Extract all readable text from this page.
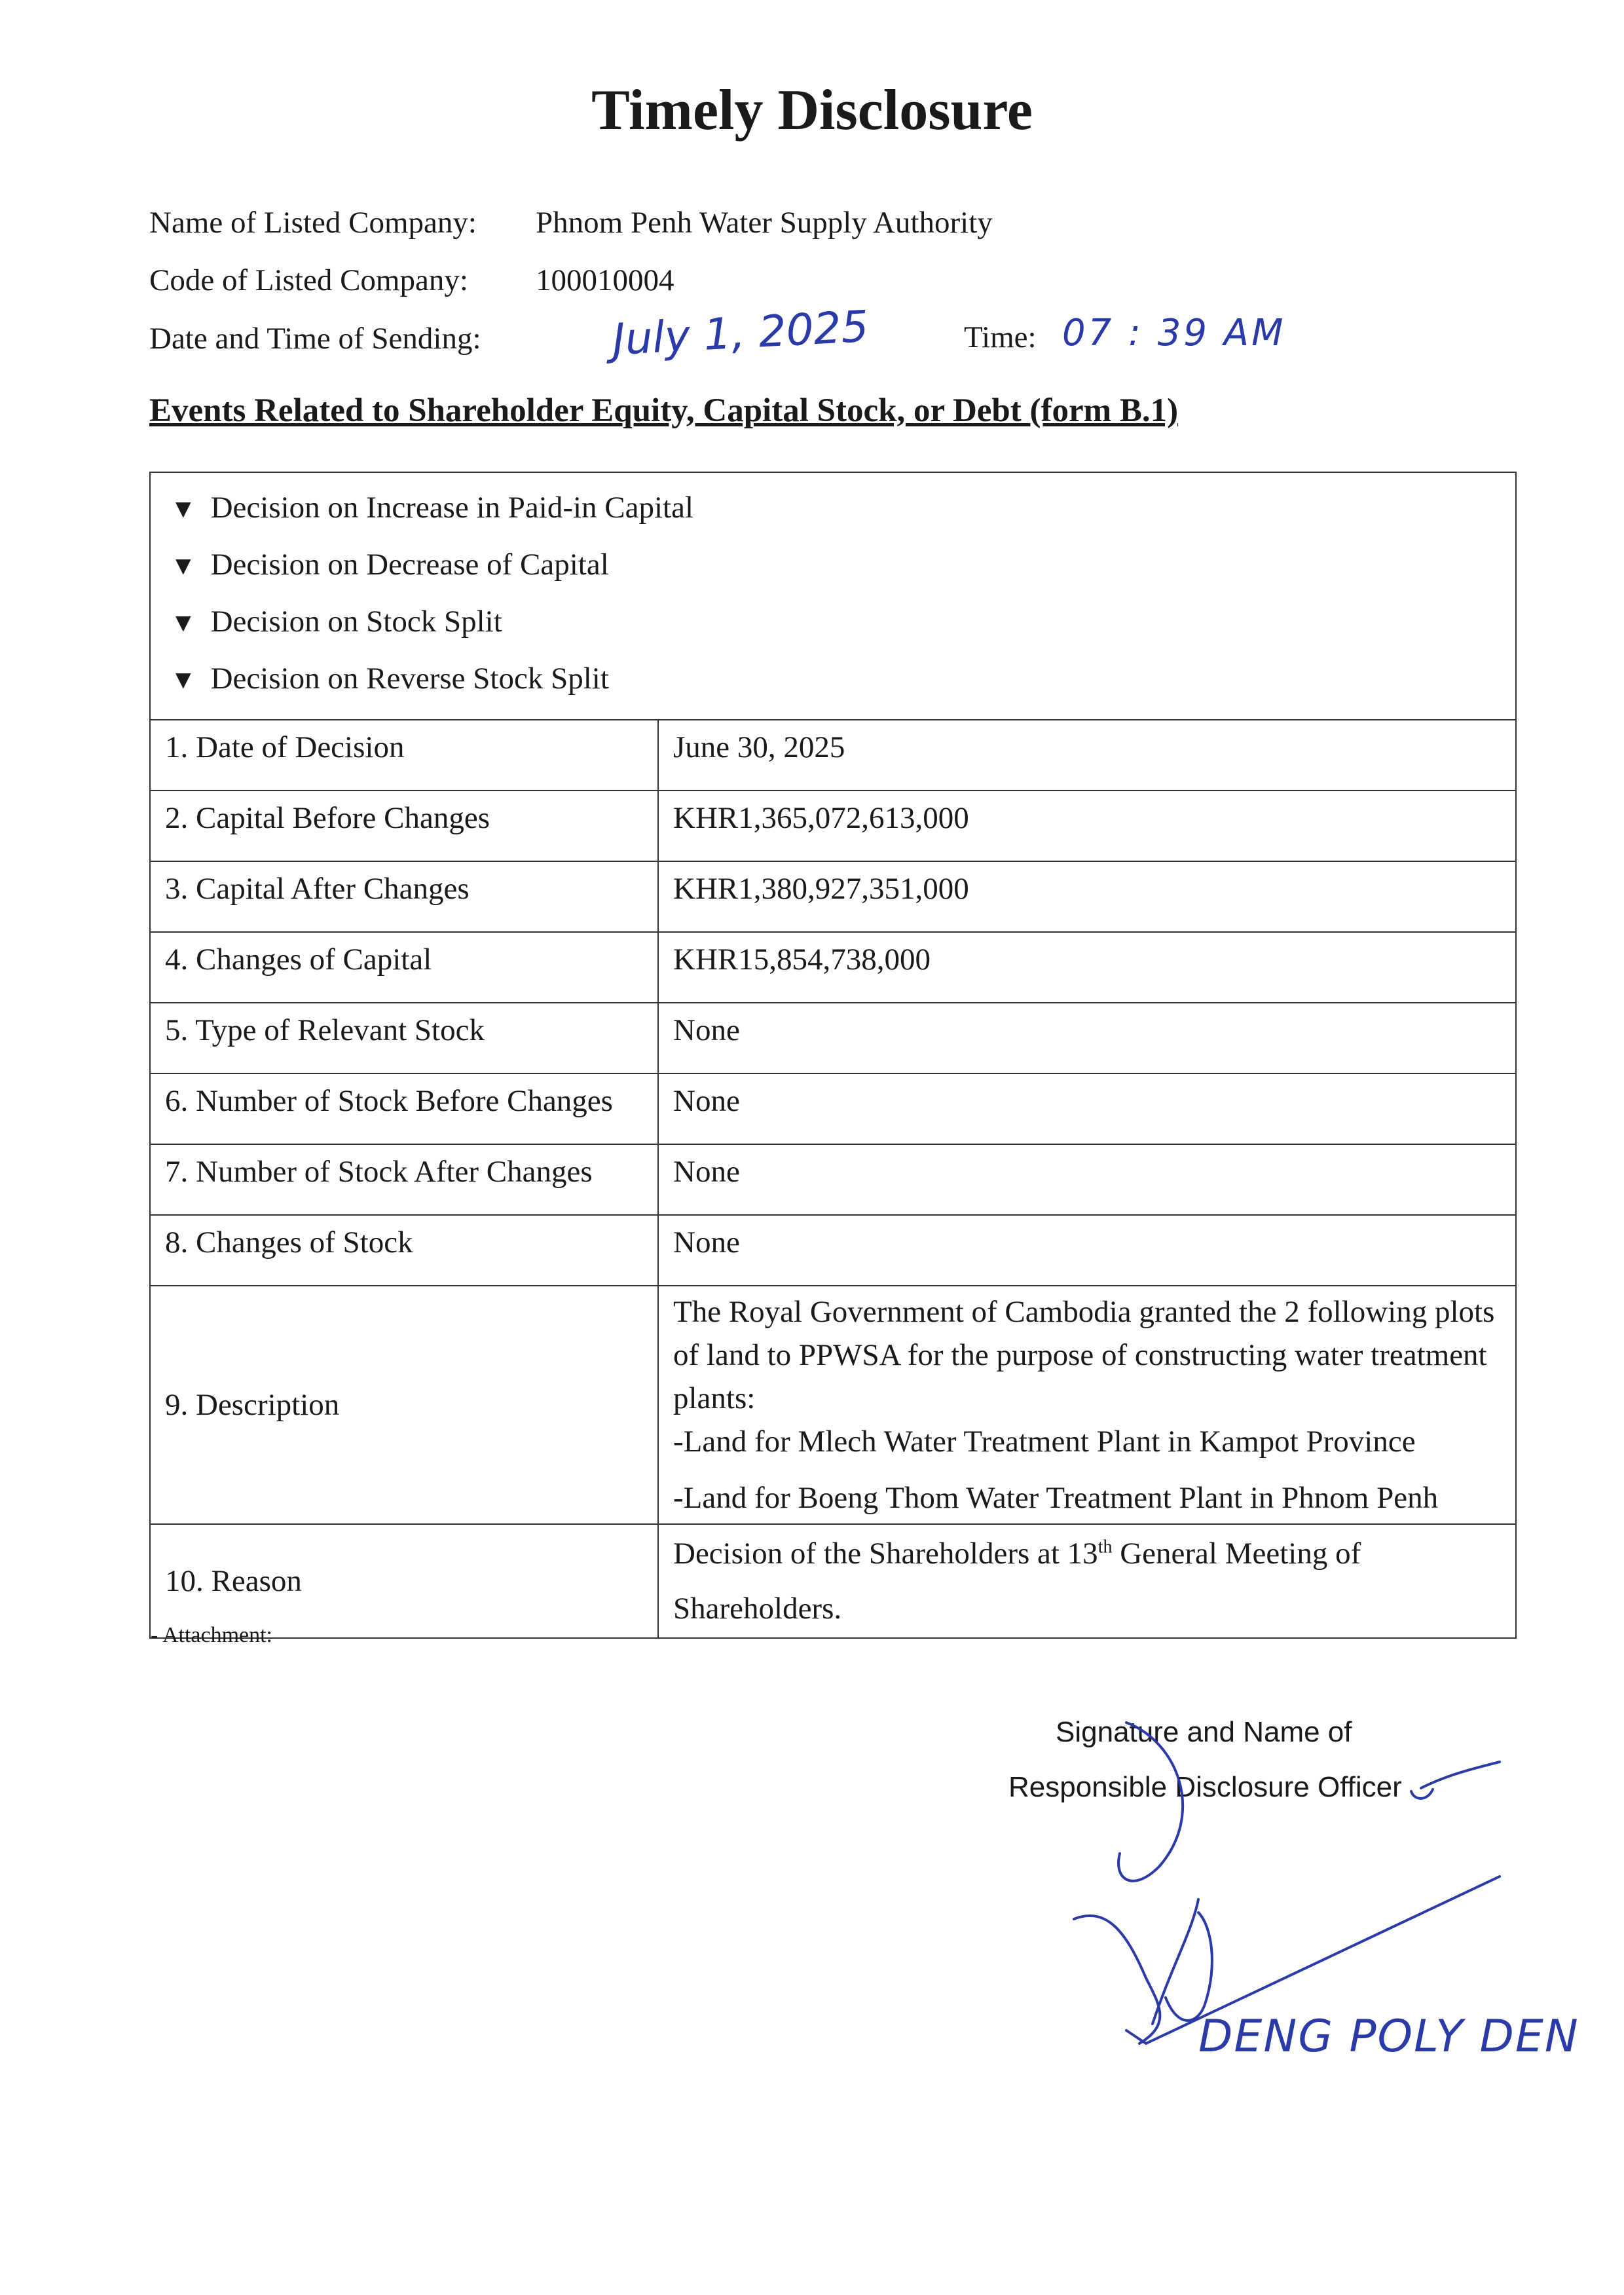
Timely Disclosure
Name of Listed Company: Phnom Penh Water Supply Authority
Code of Listed Company: 100010004
Date and Time of Sending:	July 1, 2025	Time: 07 : 39 AM
Events Related to Shareholder Equity, Capital Stock, or Debt (form B.1)
▼ Decision on Increase in Paid-in Capital
▼ Decision on Decrease of Capital
▼ Decision on Stock Split
▼ Decision on Reverse Stock Split	

1. Date of Decision	June 30, 2025
2. Capital Before Changes	KHR1,365,072,613,000
3. Capital After Changes	KHR1,380,927,351,000
4. Changes of Capital	KHR15,854,738,000
5. Type of Relevant Stock	None
6. Number of Stock Before Changes	None
7. Number of Stock After Changes	None
8. Changes of Stock	None
9. Description	The Royal Government of Cambodia granted the 2 following plots of land to PPWSA for the purpose of constructing water treatment plants:
-Land for Mlech Water Treatment Plant in Kampot Province
-Land for Boeng Thom Water Treatment Plant in Phnom Penh

10. Reason	Decision of the Shareholders at 13th General Meeting of Shareholders.
- Attachment:
Signature and Name of
Responsible Disclosure Officer
DENG POLY DEN
